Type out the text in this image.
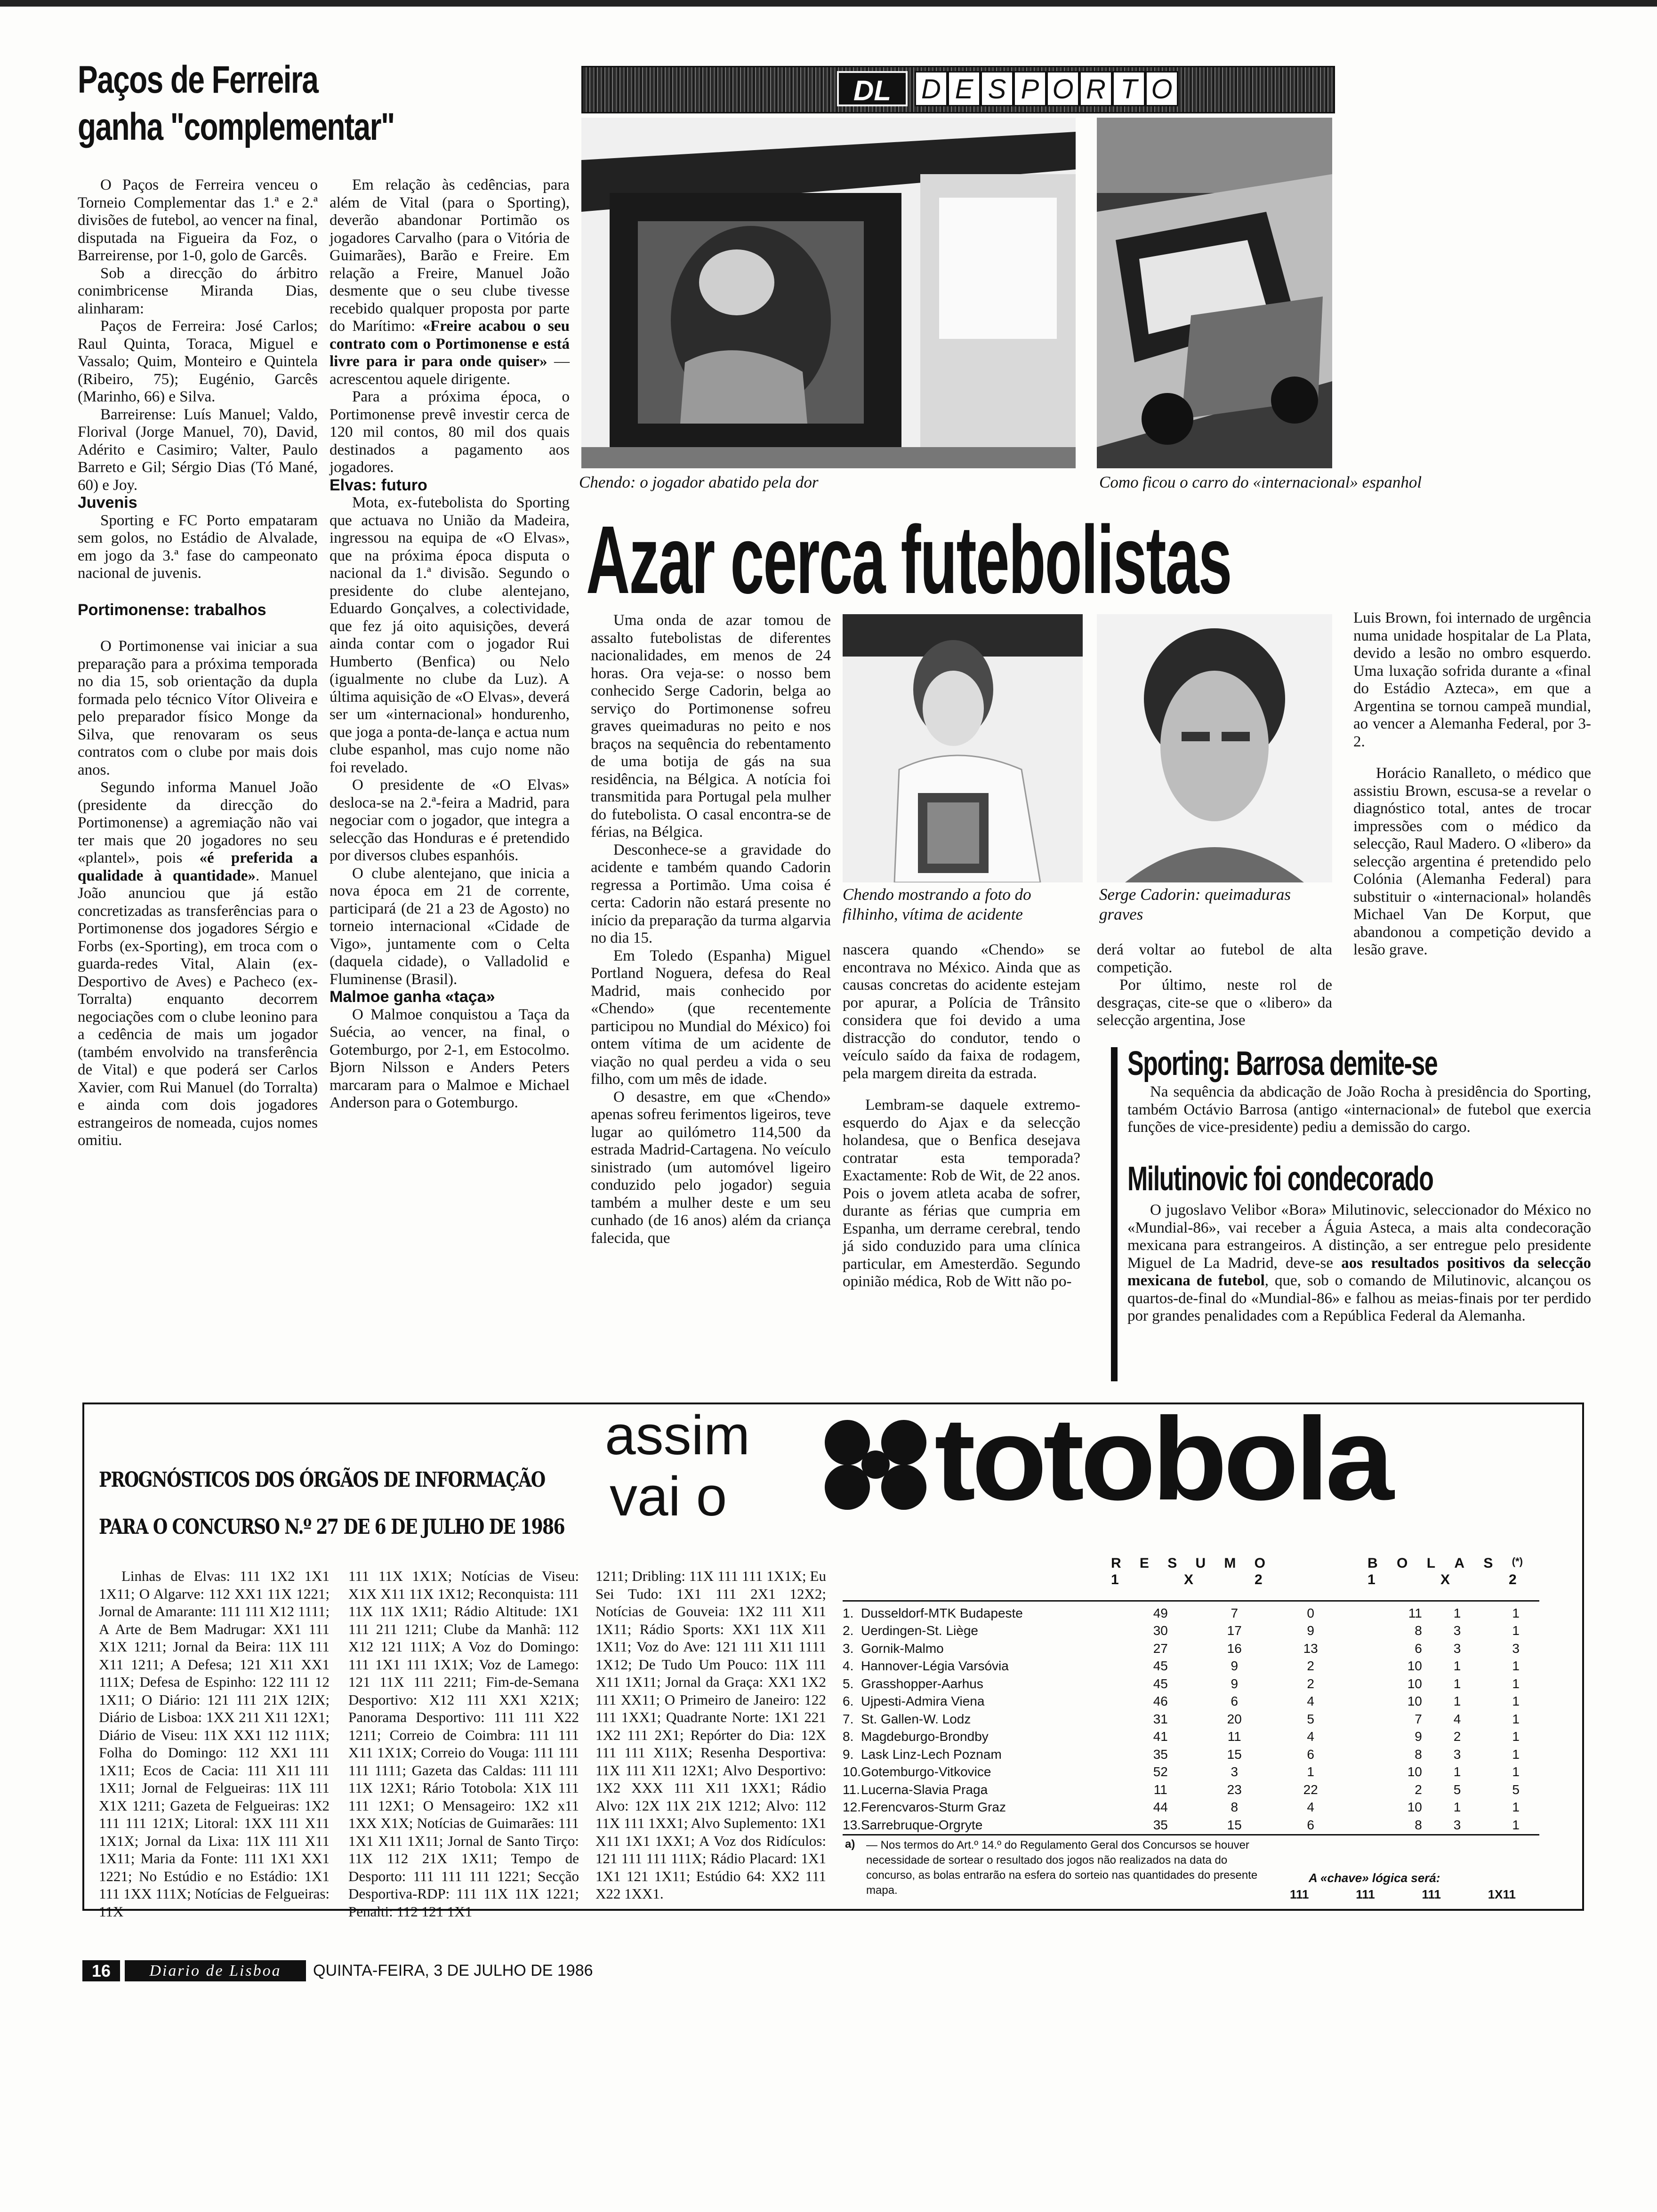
Paços de Ferreira
ganha "complementar"

O Paços de Ferreira venceu o Torneio Complementar das 1.ª e 2.ª divisões de futebol, ao vencer na final, disputada na Figueira da Foz, o Barreirense, por 1-0, golo de Garcês.

Sob a direcção do árbitro conimbricense Miranda Dias, alinharam:

Paços de Ferreira: José Carlos; Raul Quinta, Toraca, Miguel e Vassalo; Quim, Monteiro e Quintela (Ribeiro, 75); Eugénio, Garcês (Marinho, 66) e Silva.

Barreirense: Luís Manuel; Valdo, Florival (Jorge Manuel, 70), David, Adérito e Casimiro; Valter, Paulo Barreto e Gil; Sérgio Dias (Tó Mané, 60) e Joy.

Juvenis

Sporting e FC Porto empataram sem golos, no Estádio de Alvalade, em jogo da 3.ª fase do campeonato nacional de juvenis.

Portimonense: trabalhos

O Portimonense vai iniciar a sua preparação para a próxima temporada no dia 15, sob orientação da dupla formada pelo técnico Vítor Oliveira e pelo preparador físico Monge da Silva, que renovaram os seus contratos com o clube por mais dois anos.

Segundo informa Manuel João (presidente da direcção do Portimonense) a agremiação não vai ter mais que 20 jogadores no seu «plantel», pois «é preferida a qualidade à quantidade». Manuel João anunciou que já estão concretizadas as transferências para o Portimonense dos jogadores Sérgio e Forbs (ex-Sporting), em troca com o guarda-redes Vital, Alain (ex-Desportivo de Aves) e Pacheco (ex-Torralta) enquanto decorrem negociações com o clube leonino para a cedência de mais um jogador (também envolvido na transferência de Vital) e que poderá ser Carlos Xavier, com Rui Manuel (do Torralta) e ainda com dois jogadores estrangeiros de nomeada, cujos nomes omitiu.

Em relação às cedências, para além de Vital (para o Sporting), deverão abandonar Portimão os jogadores Carvalho (para o Vitória de Guimarães), Barão e Freire. Em relação a Freire, Manuel João desmente que o seu clube tivesse recebido qualquer proposta por parte do Marítimo: «Freire acabou o seu contrato com o Portimonense e está livre para ir para onde quiser» — acrescentou aquele dirigente.

Para a próxima época, o Portimonense prevê investir cerca de 120 mil contos, 80 mil dos quais destinados a pagamento aos jogadores.

Elvas: futuro

Mota, ex-futebolista do Sporting que actuava no União da Madeira, ingressou na equipa de «O Elvas», que na próxima época disputa o nacional da 1.ª divisão. Segundo o presidente do clube alentejano, Eduardo Gonçalves, a colectividade, que fez já oito aquisições, deverá ainda contar com o jogador Rui Humberto (Benfica) ou Nelo (igualmente no clube da Luz). A última aquisição de «O Elvas», deverá ser um «internacional» hondurenho, que joga a ponta-de-lança e actua num clube espanhol, mas cujo nome não foi revelado.

O presidente de «O Elvas» desloca-se na 2.ª-feira a Madrid, para negociar com o jogador, que integra a selecção das Honduras e é pretendido por diversos clubes espanhóis.

O clube alentejano, que inicia a nova época em 21 de corrente, participará (de 21 a 23 de Agosto) no torneio internacional «Cidade de Vigo», juntamente com o Celta (daquela cidade), o Valladolid e Fluminense (Brasil).

Malmoe ganha «taça»

O Malmoe conquistou a Taça da Suécia, ao vencer, na final, o Gotemburgo, por 2-1, em Estocolmo. Bjorn Nilsson e Anders Peters marcaram para o Malmoe e Michael Anderson para o Gotemburgo.

DL	D E S P O R T O
Chendo: o jogador abatido pela dor	Como ficou o carro do «internacional» espanhol
Azar cerca futebolistas

Uma onda de azar tomou de assalto futebolistas de diferentes nacionalidades, em menos de 24 horas. Ora veja-se: o nosso bem conhecido Serge Cadorin, belga ao serviço do Portimonense sofreu graves queimaduras no peito e nos braços na sequência do rebentamento de uma botija de gás na sua residência, na Bélgica. A notícia foi transmitida para Portugal pela mulher do futebolista. O casal encontra-se de férias, na Bélgica.

Desconhece-se a gravidade do acidente e também quando Cadorin regressa a Portimão. Uma coisa é certa: Cadorin não estará presente no início da preparação da turma algarvia no dia 15.

Em Toledo (Espanha) Miguel Portland Noguera, defesa do Real Madrid, mais conhecido por «Chendo» (que recentemente participou no Mundial do México) foi ontem vítima de um acidente de viação no qual perdeu a vida o seu filho, com um mês de idade.

O desastre, em que «Chendo» apenas sofreu ferimentos ligeiros, teve lugar ao quilómetro 114,500 da estrada Madrid-Cartagena. No veículo sinistrado (um automóvel ligeiro conduzido pelo jogador) seguia também a mulher deste e um seu cunhado (de 16 anos) além da criança falecida, que

Chendo mostrando a foto do filhinho, vítima de acidente
Serge Cadorin: queimaduras graves

nascera quando «Chendo» se encontrava no México. Ainda que as causas concretas do acidente estejam por apurar, a Polícia de Trânsito considera que foi devido a uma distracção do condutor, tendo o veículo saído da faixa de rodagem, pela margem direita da estrada.

Lembram-se daquele extremo-esquerdo do Ajax e da selecção holandesa, que o Benfica desejava contratar esta temporada? Exactamente: Rob de Wit, de 22 anos. Pois o jovem atleta acaba de sofrer, durante as férias que cumpria em Espanha, um derrame cerebral, tendo já sido conduzido para uma clínica particular, em Amesterdão. Segundo opinião médica, Rob de Witt não po-

derá voltar ao futebol de alta competição.

Por último, neste rol de desgraças, cite-se que o «libero» da selecção argentina, Jose

Luis Brown, foi internado de urgência numa unidade hospitalar de La Plata, devido a lesão no ombro esquerdo. Uma luxação sofrida durante a «final do Estádio Azteca», em que a Argentina se tornou campeã mundial, ao vencer a Alemanha Federal, por 3-2.

Horácio Ranalleto, o médico que assistiu Brown, escusa-se a revelar o diagnóstico total, antes de trocar impressões com o médico da selecção, Raul Madero. O «libero» da selecção argentina é pretendido pelo Colónia (Alemanha Federal) para substituir o «internacional» holandês Michael Van De Korput, que abandonou a competição devido a lesão grave.

Sporting: Barrosa demite-se

Na sequência da abdicação de João Rocha à presidência do Sporting, também Octávio Barrosa (antigo «internacional» de futebol que exercia funções de vice-presidente) pediu a demissão do cargo.

Milutinovic foi condecorado

O jugoslavo Velibor «Bora» Milutinovic, seleccionador do México no «Mundial-86», vai receber a Águia Asteca, a mais alta condecoração mexicana para estrangeiros. A distinção, a ser entregue pelo presidente Miguel de La Madrid, deve-se aos resultados positivos da selecção mexicana de futebol, que, sob o comando de Milutinovic, alcançou os quartos-de-final do «Mundial-86» e falhou as meias-finais por ter perdido por grandes penalidades com a República Federal da Alemanha.

assim
vai o totobola
PROGNÓSTICOS DOS ÓRGÃOS DE INFORMAÇÃO
PARA O CONCURSO N.º 27 DE 6 DE JULHO DE 1986

Linhas de Elvas: 111 1X2 1X1 1X11; O Algarve: 112 XX1 11X 1221; Jornal de Amarante: 111 111 X12 1111; A Arte de Bem Madrugar: XX1 111 X1X 1211; Jornal da Beira: 11X 111 X11 1211; A Defesa; 121 X11 XX1 111X; Defesa de Espinho: 122 111 12 1X11; O Diário: 121 111 21X 12IX; Diário de Lisboa: 1XX 211 X11 12X1; Diário de Viseu: 11X XX1 112 111X; Folha do Domingo: 112 XX1 111 1X11; Ecos de Cacia: 111 X11 111 1X11; Jornal de Felgueiras: 11X 111 X1X 1211; Gazeta de Felgueiras: 1X2 111 111 121X; Litoral: 1XX 111 X11 1X1X; Jornal da Lixa: 11X 111 X11 1X11; Maria da Fonte: 111 1X1 XX1 1221; No Estúdio e no Estádio: 1X1 111 1XX 111X; Notícias de Felgueiras: 11X

111 11X 1X1X; Notícias de Viseu: X1X X11 11X 1X12; Reconquista: 111 11X 11X 1X11; Rádio Altitude: 1X1 111 211 1211; Clube da Manhã: 112 X12 121 111X; A Voz do Domingo: 111 1X1 111 1X1X; Voz de Lamego: 121 11X 111 2211; Fim-de-Semana Desportivo: X12 111 XX1 X21X; Panorama Desportivo: 111 111 X22 1211; Correio de Coimbra: 111 111 X11 1X1X; Correio do Vouga: 111 111 111 1111; Gazeta das Caldas: 111 111 11X 12X1; Rário Totobola: X1X 111 111 12X1; O Mensageiro: 1X2 x11 1XX X1X; Notícias de Guimarães: 111 1X1 X11 1X11; Jornal de Santo Tirço: 11X 112 21X 1X11; Tempo de Desporto: 111 111 111 1221; Secção Desportiva-RDP: 111 11X 11X 1221; Penalti: 112 121 1X1

1211; Dribling: 11X 111 111 1X1X; Eu Sei Tudo: 1X1 111 2X1 12X2; Notícias de Gouveia: 1X2 111 X11 1X11; Rádio Sports: XX1 11X X11 1X11; Voz do Ave: 121 111 X11 1111 1X12; De Tudo Um Pouco: 11X 111 X11 1X11; Jornal da Graça: XX1 1X2 111 XX11; O Primeiro de Janeiro: 122 111 1XX1; Quadrante Norte: 1X1 221 1X2 111 2X1; Repórter do Dia: 12X 111 111 X11X; Resenha Desportiva: 11X 111 X11 12X1; Alvo Desportivo: 1X2 XXX 111 X11 1XX1; Rádio Alvo: 12X 11X 21X 1212; Alvo: 112 11X 111 1XX1; Alvo Suplemento: 1X1 X11 1X1 1XX1; A Voz dos Ridículos: 121 111 111 111X; Rádio Placard: 1X1 1X1 121 1X11; Estúdio 64: XX2 111 X22 1XX1.

R E S U M O	B O L A S (*)
1	X	2	1	X	2
1.	Dusseldorf-MTK Budapeste	49	7	0	11	1	1
2.	Uerdingen-St. Liège	30	17	9	8	3	1
3.	Gornik-Malmo	27	16	13	6	3	3
4.	Hannover-Légia Varsóvia	45	9	2	10	1	1
5.	Grasshopper-Aarhus	45	9	2	10	1	1
6.	Ujpesti-Admira Viena	46	6	4	10	1	1
7.	St. Gallen-W. Lodz	31	20	5	7	4	1
8.	Magdeburgo-Brondby	41	11	4	9	2	1
9.	Lask Linz-Lech Poznam	35	15	6	8	3	1
10.	Gotemburgo-Vitkovice	52	3	1	10	1	1
11.	Lucerna-Slavia Praga	11	23	22	2	5	5
12.	Ferencvaros-Sturm Graz	44	8	4	10	1	1
13.	Sarrebruque-Orgryte	35	15	6	8	3	1
a) — Nos termos do Art.º 14.º do Regulamento Geral dos Concursos se houver necessidade de sortear o resultado dos jogos não realizados na data do concurso, as bolas entrarão na esfera do sorteio nas quantidades do presente mapa.
A «chave» lógica será:
111	111	111	1X11
16	Diario de Lisboa	QUINTA-FEIRA, 3 DE JULHO DE 1986
